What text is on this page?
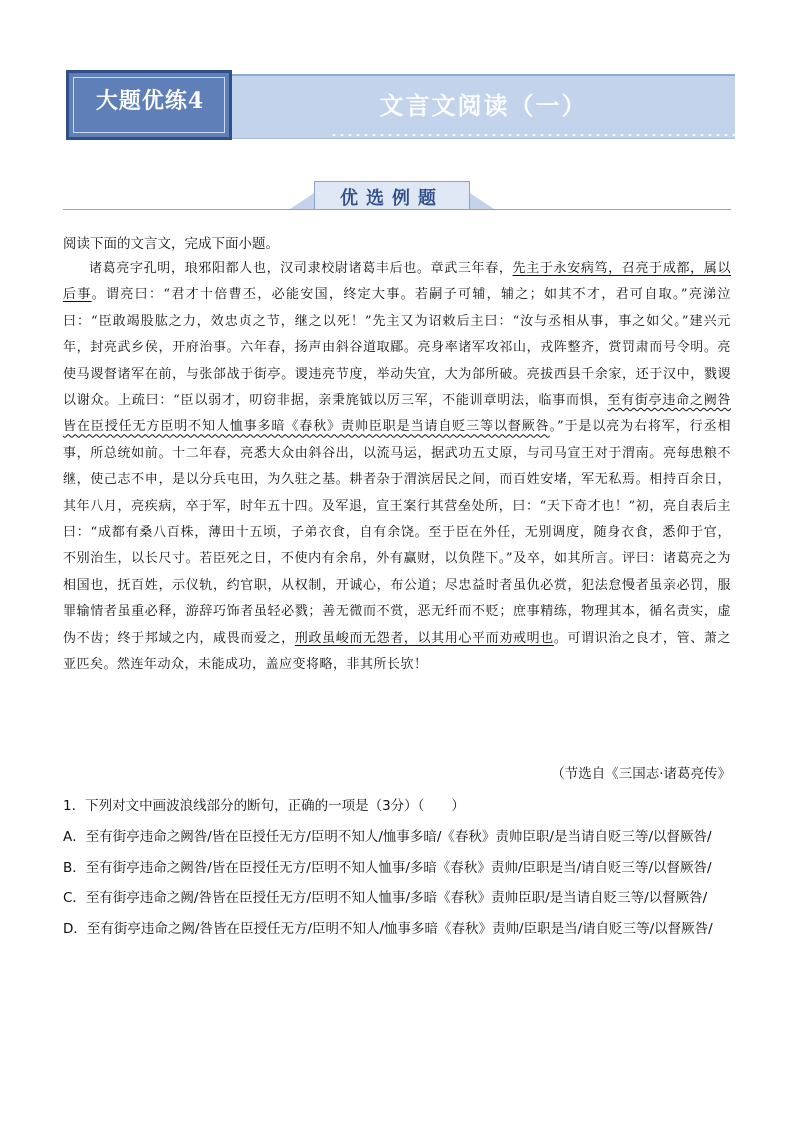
大题优练4	文言文阅读（一）
优选例题
阅读下面的文言文，完成下面小题。

诸葛亮字孔明，琅邪阳都人也，汉司隶校尉诸葛丰后也。章武三年春，先主于永安病笃，召亮于成都，属以后事。谓亮曰：“君才十倍曹丕，必能安国，终定大事。若嗣子可辅，辅之；如其不才，君可自取。”亮涕泣曰：“臣敢竭股肱之力，效忠贞之节，继之以死！”先主又为诏敕后主曰：“汝与丞相从事，事之如父。”建兴元年，封亮武乡侯，开府治事。六年春，扬声由斜谷道取郿。亮身率诸军攻祁山，戎阵整齐，赏罚肃而号令明。亮使马谡督诸军在前，与张郃战于街亭。谡违亮节度，举动失宜，大为郃所破。亮拔西县千余家，还于汉中，戮谡以谢众。上疏曰：“臣以弱才，叨窃非据，亲秉旄钺以厉三军，不能训章明法，临事而惧，至有街亭违命之阙咎皆在臣授任无方臣明不知人恤事多暗《春秋》责帅臣职是当请自贬三等以督厥咎。”于是以亮为右将军，行丞相事，所总统如前。十二年春，亮悉大众由斜谷出，以流马运，据武功五丈原，与司马宣王对于渭南。亮每患粮不继，使己志不申，是以分兵屯田，为久驻之基。耕者杂于渭滨居民之间，而百姓安堵，军无私焉。相持百余日，其年八月，亮疾病，卒于军，时年五十四。及军退，宣王案行其营垒处所，曰：“天下奇才也！”初，亮自表后主曰：“成都有桑八百株，薄田十五顷，子弟衣食，自有余饶。至于臣在外任，无别调度，随身衣食，悉仰于官，不别治生，以长尺寸。若臣死之日，不使内有余帛，外有赢财，以负陛下。”及卒，如其所言。评曰：诸葛亮之为相国也，抚百姓，示仪轨，约官职，从权制，开诚心，布公道；尽忠益时者虽仇必赏，犯法怠慢者虽亲必罚，服罪输情者虽重必释，游辞巧饰者虽轻必戮；善无微而不赏，恶无纤而不贬；庶事精练，物理其本，循名责实，虚伪不齿；终于邦域之内，咸畏而爱之，刑政虽峻而无怨者，以其用心平而劝戒明也。可谓识治之良才，管、萧之亚匹矣。然连年动众，未能成功，盖应变将略，非其所长欤！

（节选自《三国志·诸葛亮传》
1．下列对文中画波浪线部分的断句，正确的一项是（3分）（　　）
A．至有街亭违命之阙咎/皆在臣授任无方/臣明不知人/恤事多暗/《春秋》责帅臣职/是当请自贬三等/以督厥咎/
B．至有街亭违命之阙咎/皆在臣授任无方/臣明不知人恤事/多暗《春秋》责帅/臣职是当/请自贬三等/以督厥咎/
C．至有街亭违命之阙/咎皆在臣授任无方/臣明不知人恤事/多暗《春秋》责帅臣职/是当请自贬三等/以督厥咎/
D．至有街亭违命之阙/咎皆在臣授任无方/臣明不知人/恤事多暗《春秋》责帅/臣职是当/请自贬三等/以督厥咎/
